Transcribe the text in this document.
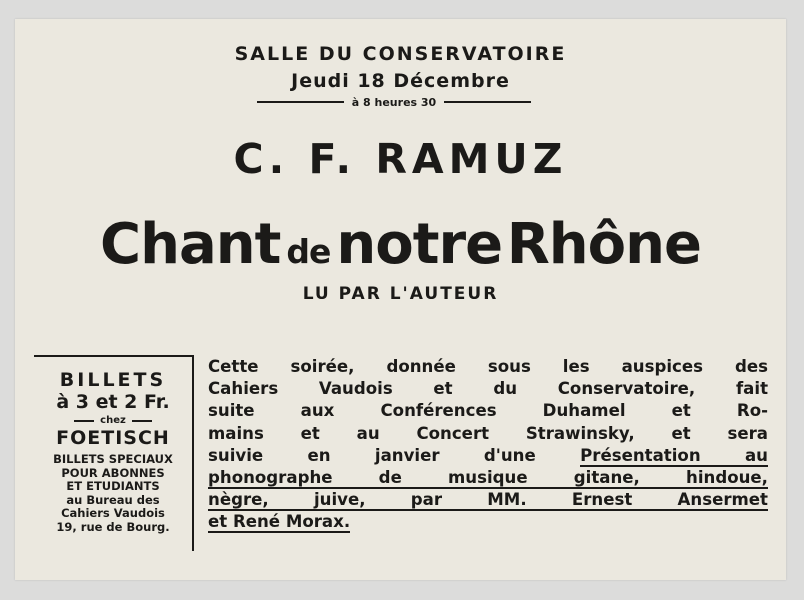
SALLE DU CONSERVATOIRE
Jeudi 18 Décembre
à 8 heures 30
C. F. RAMUZ
Chant de notre Rhône
LU PAR L'AUTEUR
BILLETS
à 3 et 2 Fr.
chez
FOETISCH
BILLETS SPECIAUX
POUR ABONNES
ET ETUDIANTS
au Bureau des
Cahiers Vaudois
19, rue de Bourg.
Cette soirée, donnée sous les auspices des
Cahiers Vaudois et du Conservatoire, fait
suite aux Conférences Duhamel et Ro-
mains et au Concert Strawinsky, et sera
suivie en janvier d'une	Présentation au
phonographe de musique gitane, hindoue,
nègre, juive, par MM. Ernest Ansermet
et René Morax.
